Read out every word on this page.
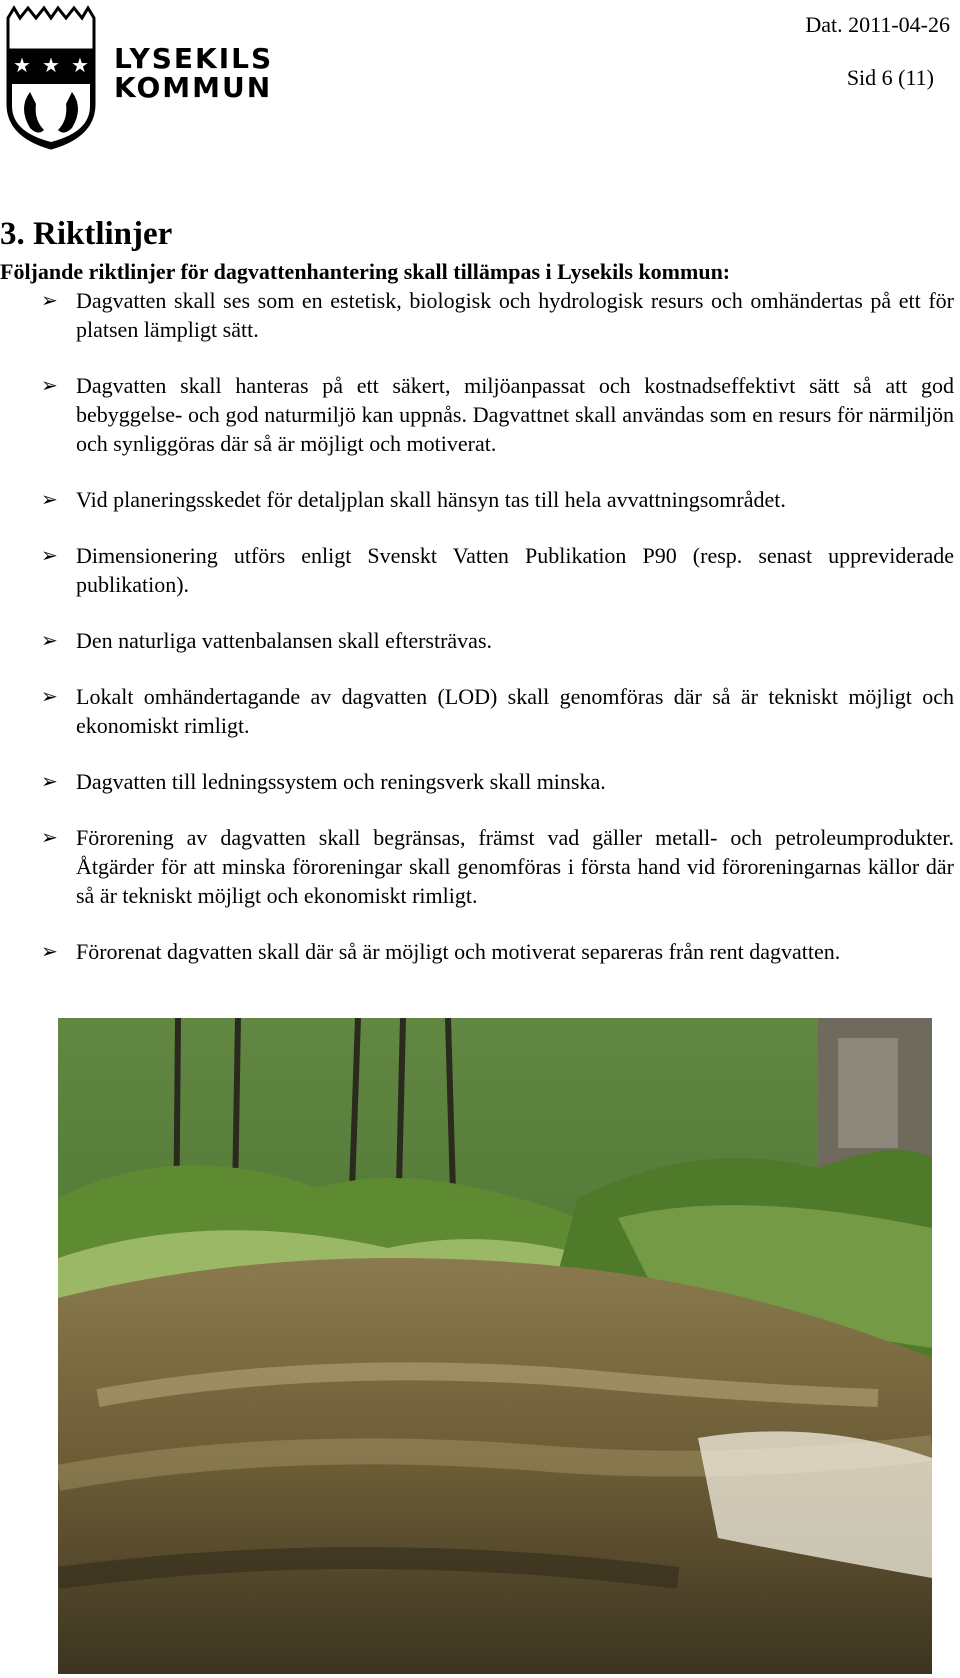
★ ★ ★ LYSEKILS
KOMMUN
Dat. 2011-04-26
Sid 6 (11)
3. Riktlinjer

Följande riktlinjer för dagvattenhantering skall tillämpas i Lysekils kommun:

➢ Dagvatten skall ses som en estetisk, biologisk och hydrologisk resurs och omhändertas på ett för platsen lämpligt sätt.
➢ Dagvatten skall hanteras på ett säkert, miljöanpassat och kostnadseffektivt sätt så att god bebyggelse- och god naturmiljö kan uppnås. Dagvattnet skall användas som en resurs för närmiljön och synliggöras där så är möjligt och motiverat.
➢ Vid planeringsskedet för detaljplan skall hänsyn tas till hela avvattningsområdet.
➢ Dimensionering utförs enligt Svenskt Vatten Publikation P90 (resp. senast uppreviderade publikation).
➢ Den naturliga vattenbalansen skall eftersträvas.
➢ Lokalt omhändertagande av dagvatten (LOD) skall genomföras där så är tekniskt möjligt och ekonomiskt rimligt.
➢ Dagvatten till ledningssystem och reningsverk skall minska.
➢ Förorening av dagvatten skall begränsas, främst vad gäller metall- och petroleumprodukter. Åtgärder för att minska föroreningar skall genomföras i första hand vid föroreningarnas källor där så är tekniskt möjligt och ekonomiskt rimligt.
➢ Förorenat dagvatten skall där så är möjligt och motiverat separeras från rent dagvatten.
